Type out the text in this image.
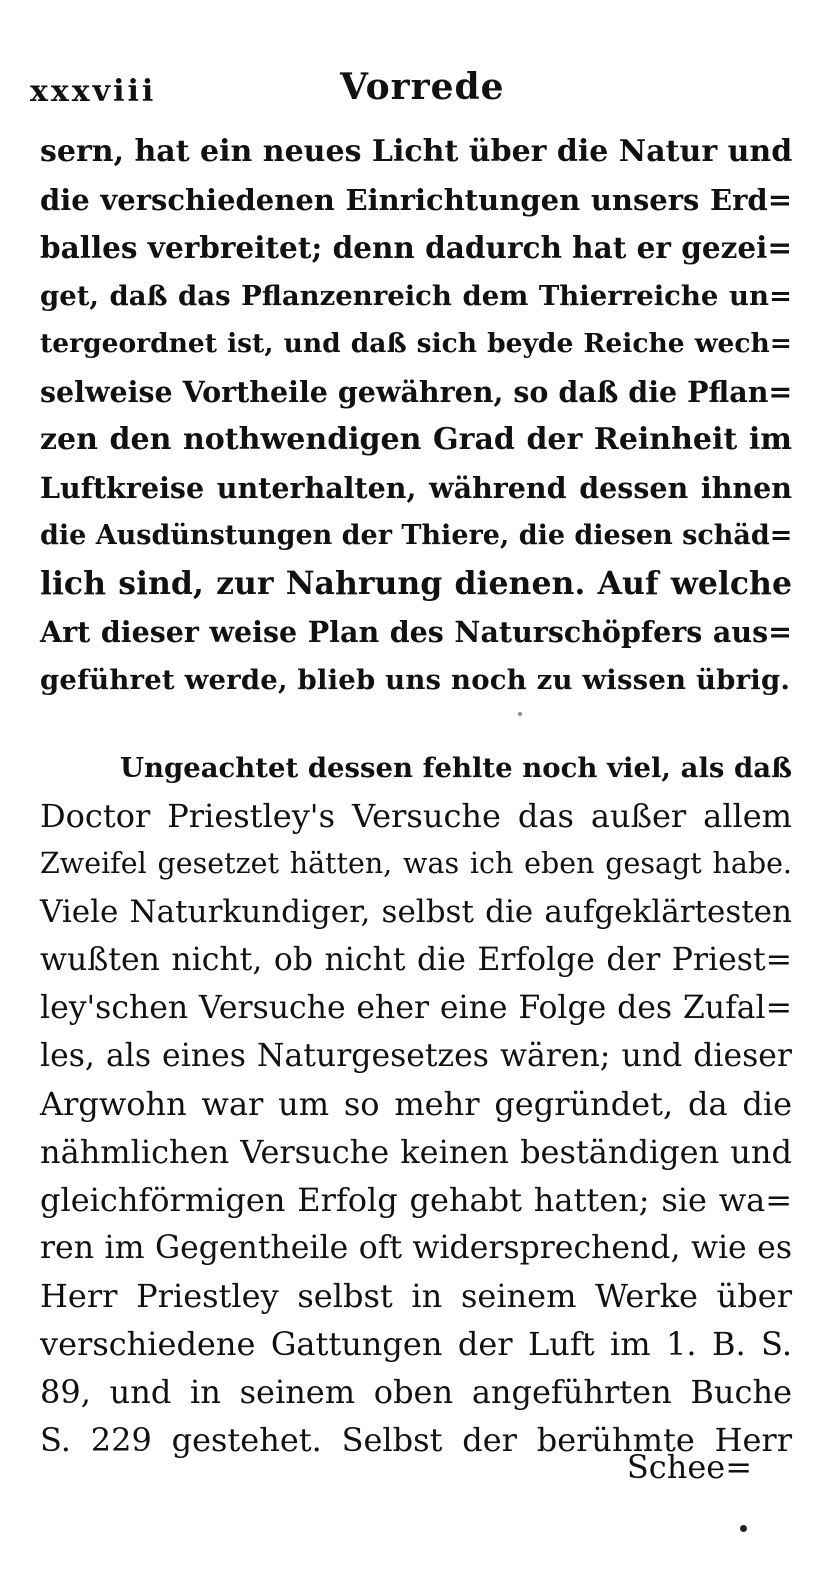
xxxviii	Vorrede

sern, hat ein neues Licht über die Natur und
die verschiedenen Einrichtungen unsers Erd=
balles verbreitet; denn dadurch hat er gezei=
get, daß das Pflanzenreich dem Thierreiche un=
tergeordnet ist, und daß sich beyde Reiche wech=
selweise Vortheile gewähren, so daß die Pflan=
zen den nothwendigen Grad der Reinheit im
Luftkreise unterhalten, während dessen ihnen
die Ausdünstungen der Thiere, die diesen schäd=
lich sind, zur Nahrung dienen. Auf welche
Art dieser weise Plan des Naturschöpfers aus=
geführet werde, blieb uns noch zu wissen übrig.

Ungeachtet dessen fehlte noch viel, als daß
Doctor Priestley's Versuche das außer allem
Zweifel gesetzet hätten, was ich eben gesagt habe.
Viele Naturkundiger, selbst die aufgeklärtesten
wußten nicht, ob nicht die Erfolge der Priest=
ley'schen Versuche eher eine Folge des Zufal=
les, als eines Naturgesetzes wären; und dieser
Argwohn war um so mehr gegründet, da die
nähmlichen Versuche keinen beständigen und
gleichförmigen Erfolg gehabt hatten; sie wa=
ren im Gegentheile oft widersprechend, wie es
Herr Priestley selbst in seinem Werke über
verschiedene Gattungen der Luft im 1. B. S.
89, und in seinem oben angeführten Buche
S. 229 gestehet. Selbst der berühmte Herr

Schee=
